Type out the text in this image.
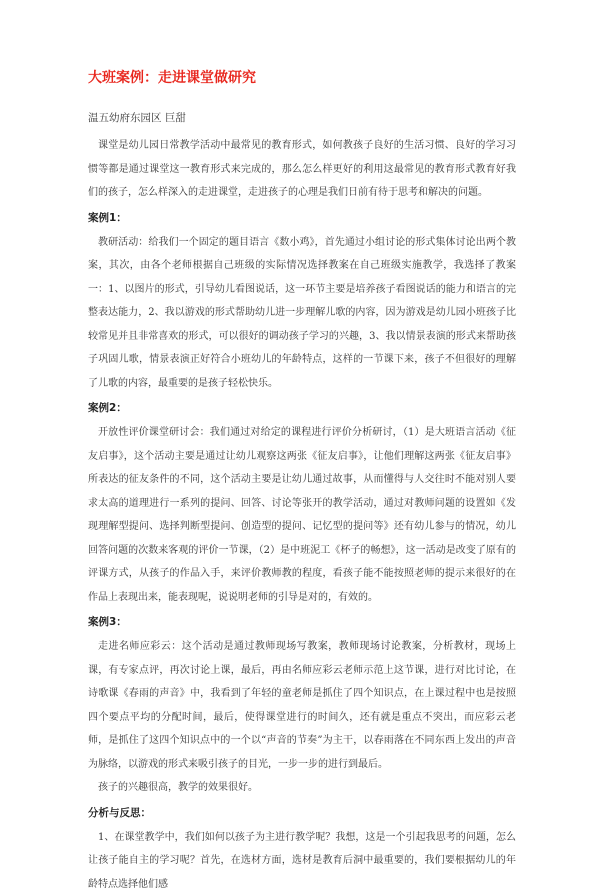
大班案例：走进课堂做研究

温五幼府东园区 巨甜

课堂是幼儿园日常教学活动中最常见的教育形式，如何教孩子良好的生活习惯、良好的学习习惯等都是通过课堂这一教育形式来完成的，那么怎么样更好的利用这最常见的教育形式教育好我们的孩子，怎么样深入的走进课堂，走进孩子的心理是我们日前有待于思考和解决的问题。

案例1：

教研活动：给我们一个固定的题目语言《数小鸡》，首先通过小组讨论的形式集体讨论出两个教案，其次，由各个老师根据自己班级的实际情况选择教案在自己班级实施教学，我选择了教案一：1、以图片的形式，引导幼儿看图说话，这一环节主要是培养孩子看图说话的能力和语言的完整表达能力，2、我以游戏的形式帮助幼儿进一步理解儿歌的内容，因为游戏是幼儿园小班孩子比较常见并且非常喜欢的形式，可以很好的调动孩子学习的兴趣，3、我以情景表演的形式来帮助孩子巩固儿歌，情景表演正好符合小班幼儿的年龄特点，这样的一节课下来，孩子不但很好的理解了儿歌的内容，最重要的是孩子轻松快乐。

案例2：

开放性评价课堂研讨会：我们通过对给定的课程进行评价分析研讨，（1）是大班语言活动《征友启事》，这个活动主要是通过让幼儿观察这两张《征友启事》，让他们理解这两张《征友启事》所表达的征友条件的不同，这个活动主要是让幼儿通过故事，从而懂得与人交往时不能对别人要求太高的道理进行一系列的提问、回答、讨论等张开的教学活动，通过对教师问题的设置如《发现理解型提问、选择判断型提问、创造型的提问、记忆型的提问等》还有幼儿参与的情况，幼儿回答问题的次数来客观的评价一节课，（2）是中班泥工《杯子的畅想》，这一活动是改变了原有的评课方式，从孩子的作品入手，来评价教师教的程度，看孩子能不能按照老师的提示来很好的在作品上表现出来，能表现呢，说说明老师的引导是对的，有效的。

案例3：

走进名师应彩云：这个活动是通过教师现场写教案，教师现场讨论教案，分析教材，现场上课，有专家点评，再次讨论上课，最后，再由名师应彩云老师示范上这节课，进行对比讨论，在诗歌课《春雨的声音》中，我看到了年轻的童老师是抓住了四个知识点，在上课过程中也是按照四个要点平均的分配时间，最后，使得课堂进行的时间久，还有就是重点不突出，而应彩云老师，是抓住了这四个知识点中的一个以“声音的节奏”为主干，以春雨落在不同东西上发出的声音为脉络，以游戏的形式来吸引孩子的目光，一步一步的进行到最后。

孩子的兴趣很高，教学的效果很好。

分析与反思：

1、在课堂教学中，我们如何以孩子为主进行教学呢？我想，这是一个引起我思考的问题，怎么让孩子能自主的学习呢？首先，在选材方面，选材是教育后洞中最重要的，我们要根据幼儿的年龄特点选择他们感
